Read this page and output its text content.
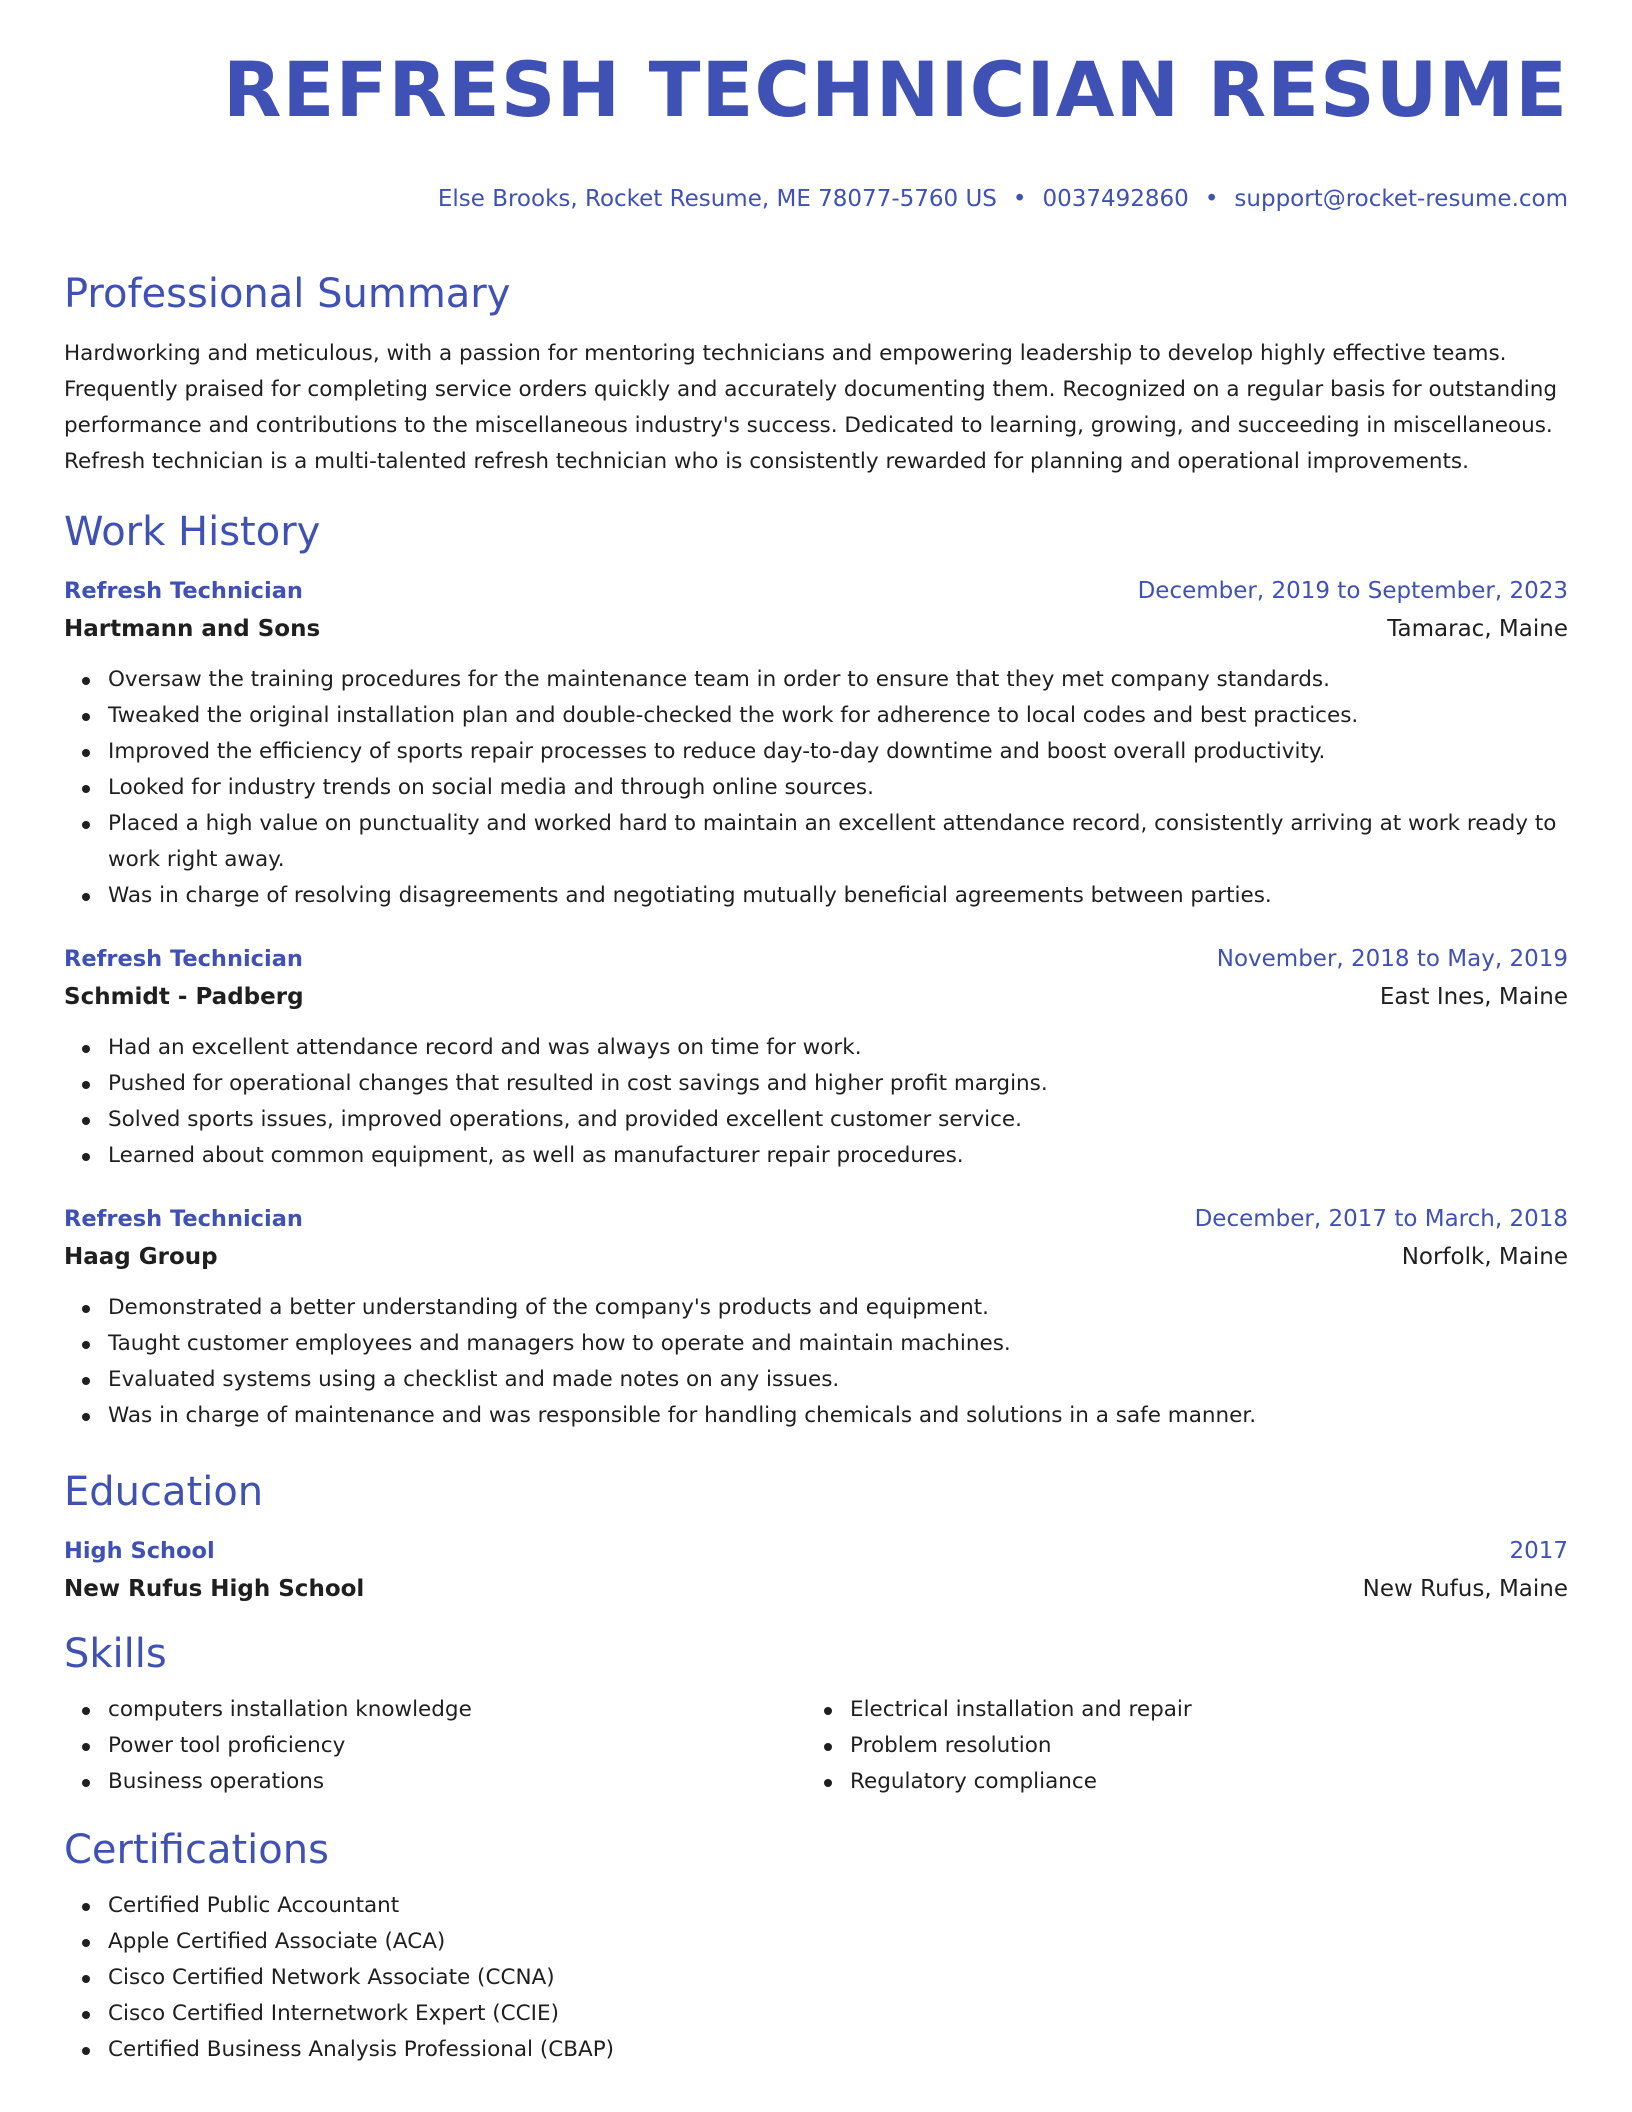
REFRESH TECHNICIAN RESUME
Else Brooks, Rocket Resume, ME 78077-5760 US • 0037492860 • support@rocket-resume.com
Professional Summary

Hardworking and meticulous, with a passion for mentoring technicians and empowering leadership to develop highly effective teams. Frequently praised for completing service orders quickly and accurately documenting them. Recognized on a regular basis for outstanding performance and contributions to the miscellaneous industry's success. Dedicated to learning, growing, and succeeding in miscellaneous. Refresh technician is a multi-talented refresh technician who is consistently rewarded for planning and operational improvements.

Work History
Refresh Technician	December, 2019 to September, 2023
Hartmann and Sons	Tamarac, Maine
Oversaw the training procedures for the maintenance team in order to ensure that they met company standards.
Tweaked the original installation plan and double-checked the work for adherence to local codes and best practices.
Improved the efficiency of sports repair processes to reduce day-to-day downtime and boost overall productivity.
Looked for industry trends on social media and through online sources.
Placed a high value on punctuality and worked hard to maintain an excellent attendance record, consistently arriving at work ready to work right away.
Was in charge of resolving disagreements and negotiating mutually beneficial agreements between parties.
Refresh Technician	November, 2018 to May, 2019
Schmidt - Padberg	East Ines, Maine
Had an excellent attendance record and was always on time for work.
Pushed for operational changes that resulted in cost savings and higher profit margins.
Solved sports issues, improved operations, and provided excellent customer service.
Learned about common equipment, as well as manufacturer repair procedures.
Refresh Technician	December, 2017 to March, 2018
Haag Group	Norfolk, Maine
Demonstrated a better understanding of the company's products and equipment.
Taught customer employees and managers how to operate and maintain machines.
Evaluated systems using a checklist and made notes on any issues.
Was in charge of maintenance and was responsible for handling chemicals and solutions in a safe manner.
Education
High School	2017
New Rufus High School	New Rufus, Maine
Skills
computers installation knowledge
Power tool proficiency
Business operations
Electrical installation and repair
Problem resolution
Regulatory compliance
Certifications
Certified Public Accountant
Apple Certified Associate (ACA)
Cisco Certified Network Associate (CCNA)
Cisco Certified Internetwork Expert (CCIE)
Certified Business Analysis Professional (CBAP)
